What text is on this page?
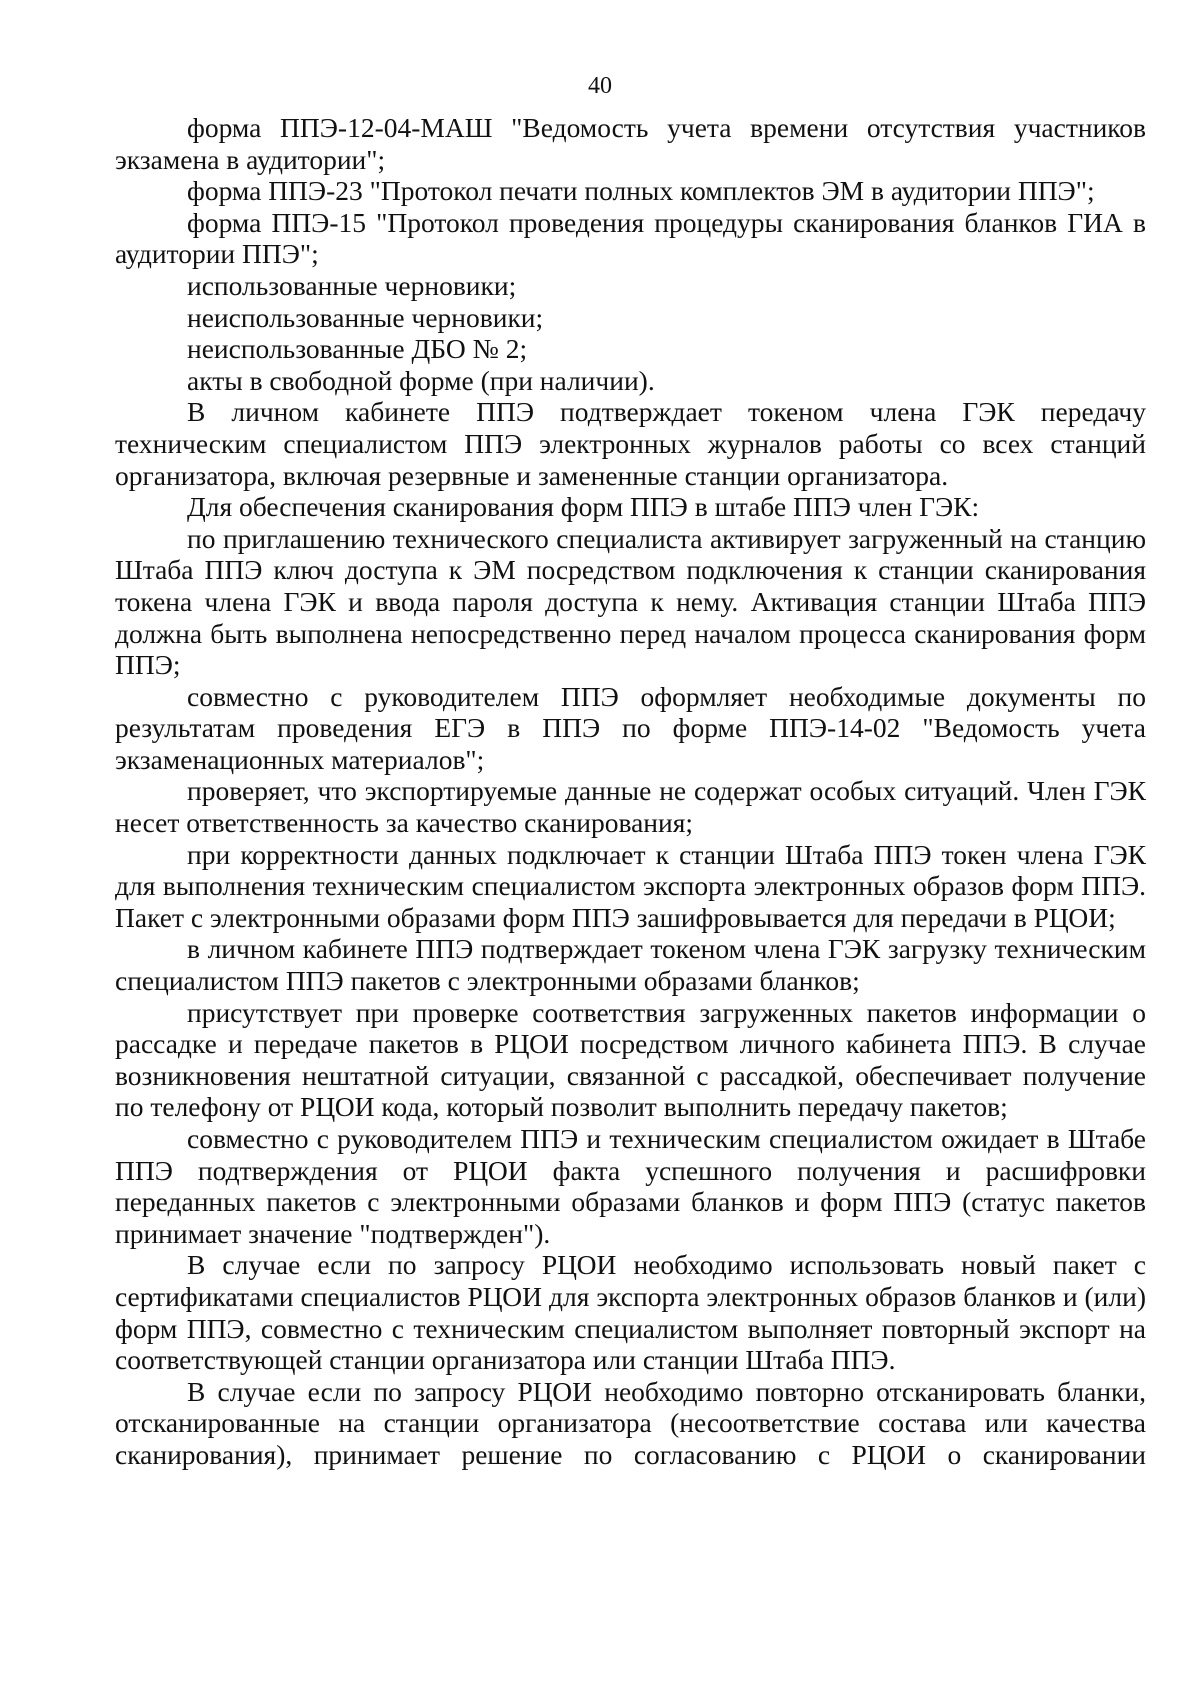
40

форма ППЭ-12-04-МАШ "Ведомость учета времени отсутствия участников экзамена в аудитории";

форма ППЭ-23 "Протокол печати полных комплектов ЭМ в аудитории ППЭ";

форма ППЭ-15 "Протокол проведения процедуры сканирования бланков ГИА в аудитории ППЭ";

использованные черновики;

неиспользованные черновики;

неиспользованные ДБО № 2;

акты в свободной форме (при наличии).

В личном кабинете ППЭ подтверждает токеном члена ГЭК передачу техническим специалистом ППЭ электронных журналов работы со всех станций организатора, включая резервные и замененные станции организатора.

Для обеспечения сканирования форм ППЭ в штабе ППЭ член ГЭК:

по приглашению технического специалиста активирует загруженный на станцию Штаба ППЭ ключ доступа к ЭМ посредством подключения к станции сканирования токена члена ГЭК и ввода пароля доступа к нему. Активация станции Штаба ППЭ должна быть выполнена непосредственно перед началом процесса сканирования форм ППЭ;

совместно с руководителем ППЭ оформляет необходимые документы по результатам проведения ЕГЭ в ППЭ по форме ППЭ-14-02 "Ведомость учета экзаменационных материалов";

проверяет, что экспортируемые данные не содержат особых ситуаций. Член ГЭК несет ответственность за качество сканирования;

при корректности данных подключает к станции Штаба ППЭ токен члена ГЭК для выполнения техническим специалистом экспорта электронных образов форм ППЭ. Пакет с электронными образами форм ППЭ зашифровывается для передачи в РЦОИ;

в личном кабинете ППЭ подтверждает токеном члена ГЭК загрузку техническим специалистом ППЭ пакетов с электронными образами бланков;

присутствует при проверке соответствия загруженных пакетов информации о рассадке и передаче пакетов в РЦОИ посредством личного кабинета ППЭ. В случае возникновения нештатной ситуации, связанной с рассадкой, обеспечивает получение по телефону от РЦОИ кода, который позволит выполнить передачу пакетов;

совместно с руководителем ППЭ и техническим специалистом ожидает в Штабе ППЭ подтверждения от РЦОИ факта успешного получения и расшифровки переданных пакетов с электронными образами бланков и форм ППЭ (статус пакетов принимает значение "подтвержден").

В случае если по запросу РЦОИ необходимо использовать новый пакет с сертификатами специалистов РЦОИ для экспорта электронных образов бланков и (или) форм ППЭ, совместно с техническим специалистом выполняет повторный экспорт на соответствующей станции организатора или станции Штаба ППЭ.

В случае если по запросу РЦОИ необходимо повторно отсканировать бланки, отсканированные на станции организатора (несоответствие состава или качества сканирования), принимает решение по согласованию с РЦОИ о сканировании
